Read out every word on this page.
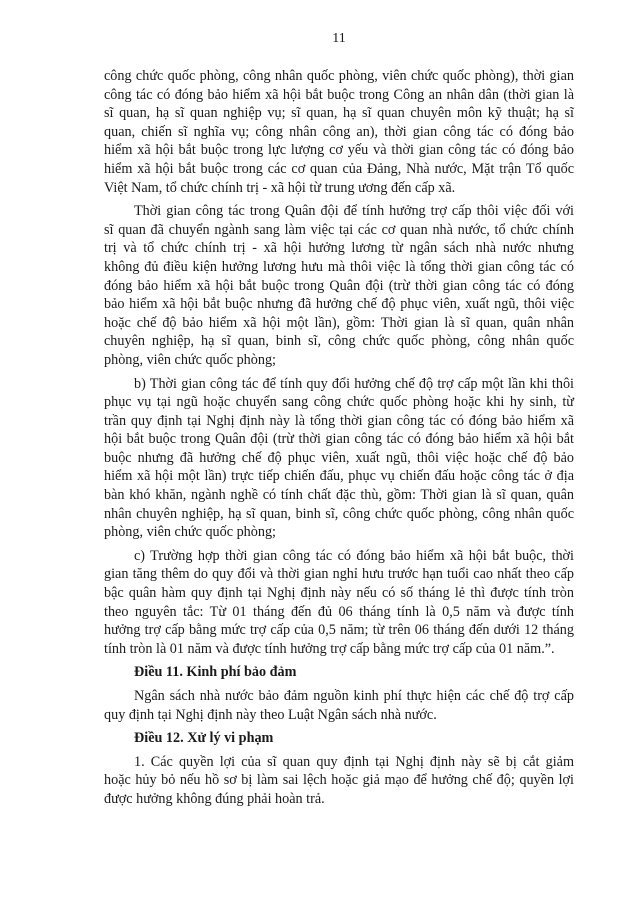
11
công chức quốc phòng, công nhân quốc phòng, viên chức quốc phòng), thời gian
công tác có đóng bảo hiểm xã hội bắt buộc trong Công an nhân dân (thời gian là
sĩ quan, hạ sĩ quan nghiệp vụ; sĩ quan, hạ sĩ quan chuyên môn kỹ thuật; hạ sĩ
quan, chiến sĩ nghĩa vụ; công nhân công an), thời gian công tác có đóng bảo
hiểm xã hội bắt buộc trong lực lượng cơ yếu và thời gian công tác có đóng bảo
hiểm xã hội bắt buộc trong các cơ quan của Đảng, Nhà nước, Mặt trận Tổ quốc
Việt Nam, tổ chức chính trị - xã hội từ trung ương đến cấp xã.
Thời gian công tác trong Quân đội để tính hưởng trợ cấp thôi việc đối với
sĩ quan đã chuyển ngành sang làm việc tại các cơ quan nhà nước, tổ chức chính
trị và tổ chức chính trị - xã hội hưởng lương từ ngân sách nhà nước nhưng
không đủ điều kiện hưởng lương hưu mà thôi việc là tổng thời gian công tác có
đóng bảo hiểm xã hội bắt buộc trong Quân đội (trừ thời gian công tác có đóng
bảo hiểm xã hội bắt buộc nhưng đã hưởng chế độ phục viên, xuất ngũ, thôi việc
hoặc chế độ bảo hiểm xã hội một lần), gồm: Thời gian là sĩ quan, quân nhân
chuyên nghiệp, hạ sĩ quan, binh sĩ, công chức quốc phòng, công nhân quốc
phòng, viên chức quốc phòng;
b) Thời gian công tác để tính quy đổi hưởng chế độ trợ cấp một lần khi thôi
phục vụ tại ngũ hoặc chuyển sang công chức quốc phòng hoặc khi hy sinh, từ
trần quy định tại Nghị định này là tổng thời gian công tác có đóng bảo hiểm xã
hội bắt buộc trong Quân đội (trừ thời gian công tác có đóng bảo hiểm xã hội bắt
buộc nhưng đã hưởng chế độ phục viên, xuất ngũ, thôi việc hoặc chế độ bảo
hiểm xã hội một lần) trực tiếp chiến đấu, phục vụ chiến đấu hoặc công tác ở địa
bàn khó khăn, ngành nghề có tính chất đặc thù, gồm: Thời gian là sĩ quan, quân
nhân chuyên nghiệp, hạ sĩ quan, binh sĩ, công chức quốc phòng, công nhân quốc
phòng, viên chức quốc phòng;
c) Trường hợp thời gian công tác có đóng bảo hiểm xã hội bắt buộc, thời
gian tăng thêm do quy đổi và thời gian nghỉ hưu trước hạn tuổi cao nhất theo cấp
bậc quân hàm quy định tại Nghị định này nếu có số tháng lẻ thì được tính tròn
theo nguyên tắc: Từ 01 tháng đến đủ 06 tháng tính là 0,5 năm và được tính
hưởng trợ cấp bằng mức trợ cấp của 0,5 năm; từ trên 06 tháng đến dưới 12 tháng
tính tròn là 01 năm và được tính hưởng trợ cấp bằng mức trợ cấp của 01 năm.”.
Điều 11. Kinh phí bảo đảm
Ngân sách nhà nước bảo đảm nguồn kinh phí thực hiện các chế độ trợ cấp
quy định tại Nghị định này theo Luật Ngân sách nhà nước.
Điều 12. Xử lý vi phạm
1. Các quyền lợi của sĩ quan quy định tại Nghị định này sẽ bị cắt giảm
hoặc hủy bỏ nếu hồ sơ bị làm sai lệch hoặc giả mạo để hưởng chế độ; quyền lợi
được hưởng không đúng phải hoàn trả.
